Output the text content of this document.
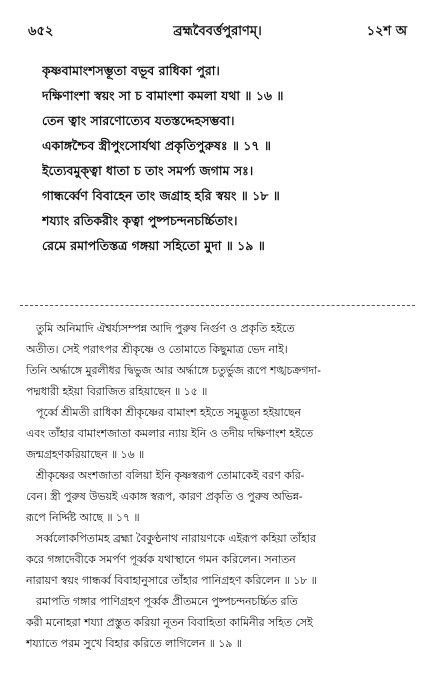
৬৫২	ব্রহ্মবৈবর্ত্তপুরাণম্।	১২শ অ
কৃষ্ণবামাংশসম্ভূতা বভূব রাধিকা পুরা।
দক্ষিণাংশা স্বয়ং সা চ বামাংশা কমলা যথা ॥ ১৬ ॥
তেন ত্বাং সারণোত্যেব যতস্তদ্দেহসম্ভবা।
একাঙ্গশ্চৈব স্ত্রীপুংসোর্যথা প্রকৃতিপুরুষঃ ॥ ১৭ ॥
ইত্যেবমুক্ত্বা ধাতা চ তাং সমর্প্য জগাম সঃ।
গান্ধর্ব্বেণ বিবাহেন তাং জগ্রাহ হরি স্বয়ং ॥ ১৮ ॥
শয্যাং রতিকরীং কৃত্বা পুষ্পচন্দনচর্চ্চিতাং।
রেমে রমাপতিস্তত্র গঙ্গয়া সহিতো মুদা ॥ ১৯ ॥
তুমি অনিমাদি ঐশ্বর্য্যসম্পন্ন আদি পুরুষ নির্গুণ ও প্রকৃতি হইতে
অতীত। সেই পরাৎপর শ্রীকৃষ্ণে ও তোমাতে কিছুমাত্র ভেদ নাই।
তিনি অর্দ্ধাঙ্গে মুরলীধর দ্বিভুজ আর অর্দ্ধাঙ্গে চতুর্ভুজ রূপে শঙ্খচক্রগদা-
পদ্মধারী হইয়া বিরাজিত রহিয়াছেন ॥ ১৫ ॥
পূর্ব্বে শ্রীমতী রাধিকা শ্রীকৃষ্ণের বামাংশ হইতে সমুদ্ভূতা হইয়াছেন
এবং তাঁহার বামাংশজাতা কমলার ন্যায় ইনি ও তদীয় দক্ষিণাংশ হইতে
জন্মগ্রহণকরিয়াছেন ॥ ১৬ ॥
শ্রীকৃষ্ণের অংশজাতা বলিয়া ইনি কৃষ্ণস্বরূপ তোমাকেই বরণ করি-
বেন। স্ত্রী পুরুষ উভয়ই একাঙ্গ স্বরূপ, কারণ প্রকৃতি ও পুরুষ অভিন্ন-
রূপে নির্দ্দিষ্ট আছে ॥ ১৭ ॥
সর্ব্বলোকপিতামহ ব্রহ্মা বৈকুণ্ঠনাথ নারায়ণকে এইরূপ কহিয়া তাঁহার
করে গঙ্গাদেবীকে সমর্পণ পূর্ব্বক যথাস্থানে গমন করিলেন। সনাতন
নারায়ণ স্বয়ং গান্ধর্ব্ব বিবাহানুসারে তাঁহার পানিগ্রহণ করিলেন ॥ ১৮ ॥
রমাপতি গঙ্গার পাণিগ্রহণ পূর্ব্বক প্রীতমনে পুষ্পচন্দনচর্চ্চিত রতি
করী মনোহরা শয্যা প্রস্তুত করিয়া নূতন বিবাহিতা কামিনীর সহিত সেই
শয্যাতে পরম সুখে বিহার করিতে লাগিলেন ॥ ১৯ ॥
